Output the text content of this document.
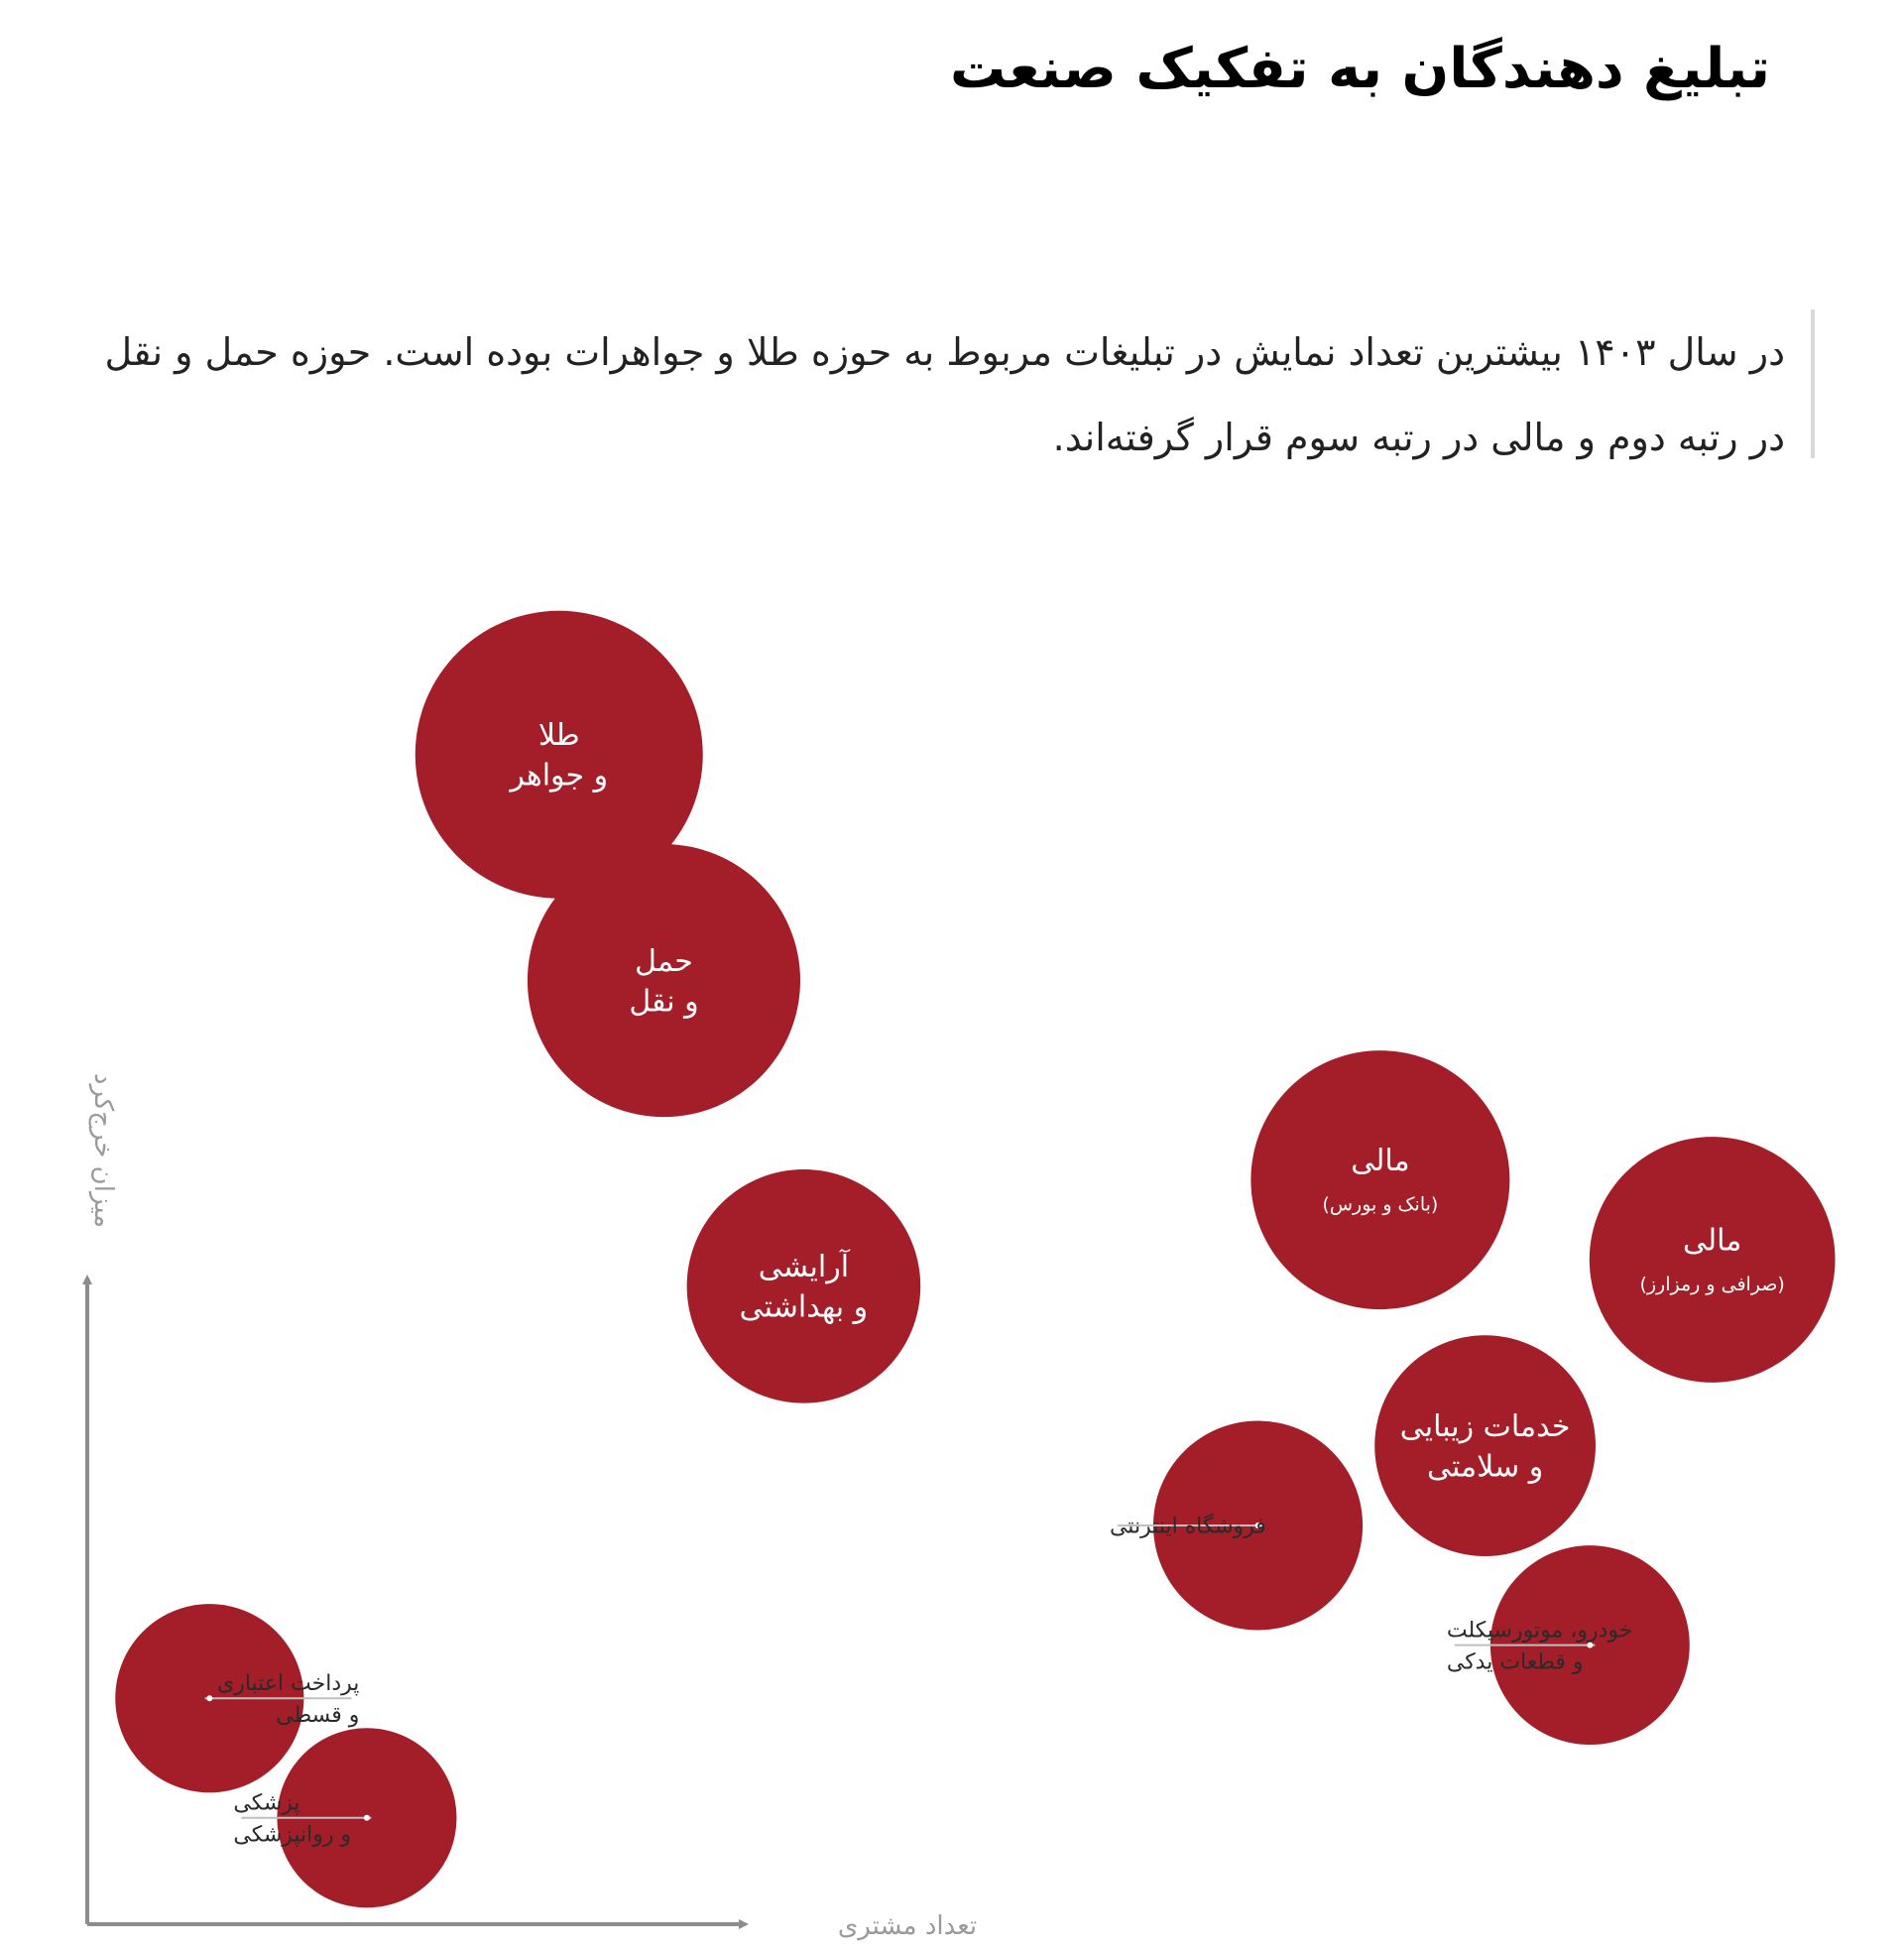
تبلیغ دهندگان به تفکیک صنعت
در سال ۱۴۰۳ بیشترین تعداد نمایش در تبلیغات مربوط به حوزه طلا و جواهرات بوده است. حوزه حمل و نقل در رتبه دوم و مالی در رتبه سوم قرار گرفته‌اند.
تعداد مشتری
میزان خرج‌کرد
طلا
و جواهر
حمل
و نقل
آرایشی
و بهداشتی
مالی
(بانک و بورس)
مالی
(صرافی و رمزارز)
خدمات زیبایی
و سلامتی
فروشگاه اینترنتی
خودرو، موتورسیکلت
و قطعات یدکی
پرداخت اعتباری
و قسطی
پزشکی
و روانپزشکی
